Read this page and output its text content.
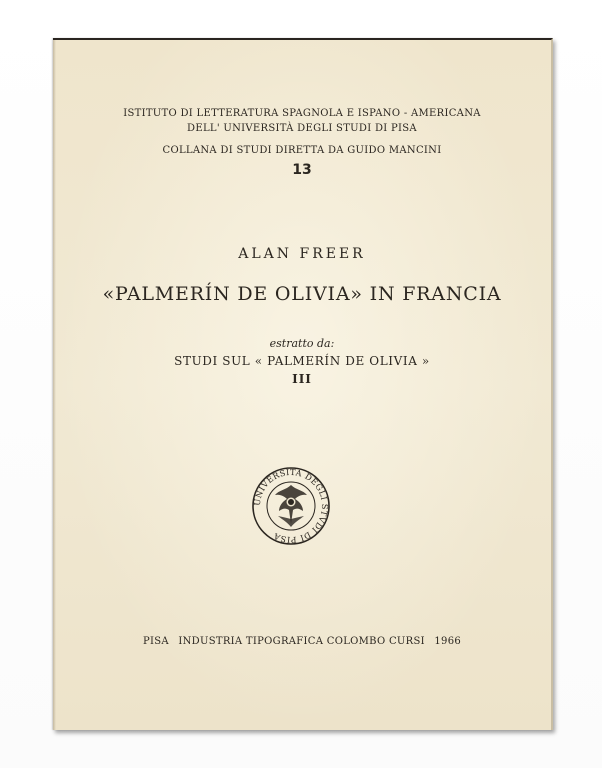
ISTITUTO DI LETTERATURA SPAGNOLA E ISPANO - AMERICANA
DELL' UNIVERSITÀ DEGLI STUDI DI PISA
COLLANA DI STUDI DIRETTA DA GUIDO MANCINI
13
ALAN FREER
«PALMERÍN DE OLIVIA» IN FRANCIA
estratto da:
STUDI SUL « PALMERÍN DE OLIVIA »
III
UNIVERSITA DEGLI STVDI DI PISA
PISA INDUSTRIA TIPOGRAFICA COLOMBO CURSI 1966
